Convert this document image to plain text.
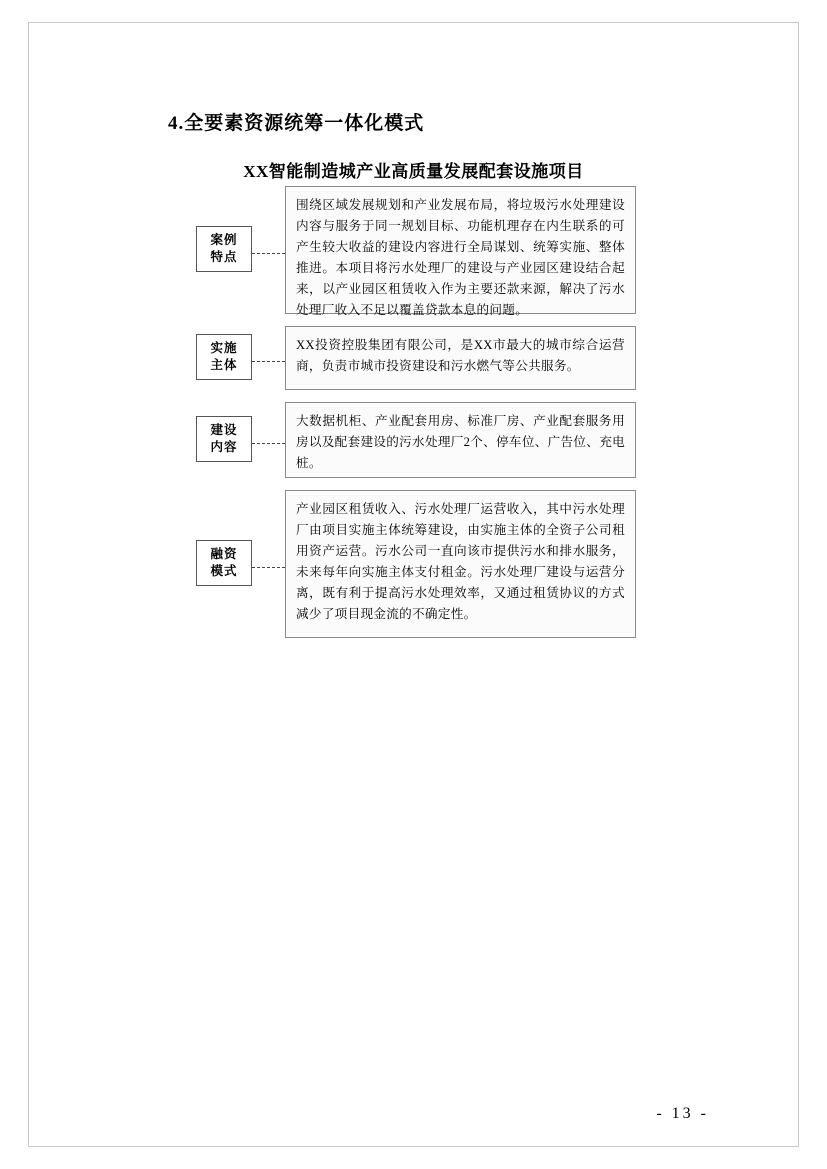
4.全要素资源统筹一体化模式
XX智能制造城产业高质量发展配套设施项目
案例
特点
围绕区域发展规划和产业发展布局，将垃圾污水处理建设内容与服务于同一规划目标、功能机理存在内生联系的可产生较大收益的建设内容进行全局谋划、统筹实施、整体推进。本项目将污水处理厂的建设与产业园区建设结合起来，以产业园区租赁收入作为主要还款来源，解决了污水处理厂收入不足以覆盖贷款本息的问题。
实施
主体
XX投资控股集团有限公司，是XX市最大的城市综合运营商，负责市城市投资建设和污水燃气等公共服务。
建设
内容
大数据机柜、产业配套用房、标准厂房、产业配套服务用房以及配套建设的污水处理厂2个、停车位、广告位、充电桩。
融资
模式
产业园区租赁收入、污水处理厂运营收入，其中污水处理厂由项目实施主体统筹建设，由实施主体的全资子公司租用资产运营。污水公司一直向该市提供污水和排水服务，未来每年向实施主体支付租金。污水处理厂建设与运营分离，既有利于提高污水处理效率，又通过租赁协议的方式减少了项目现金流的不确定性。
- 13 -
